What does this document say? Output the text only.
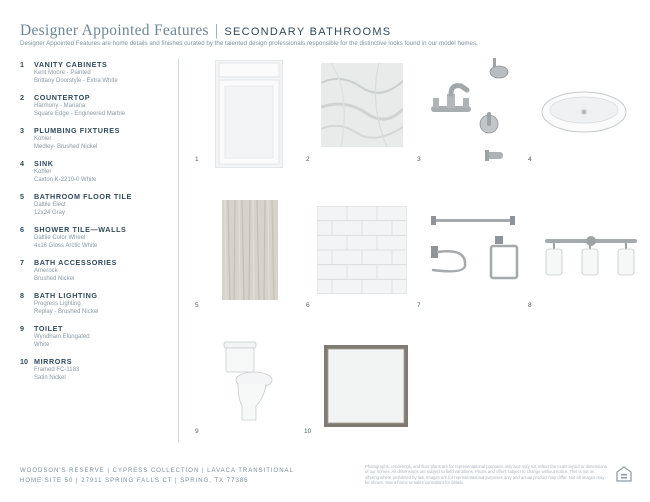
Designer Appointed Features | SECONDARY BATHROOMS
Designer Appointed Features are home details and finishes curated by the talented design professionals responsible for the distinctive looks found in our model homes.
1 VANITY CABINETS
Kent Moore - Painted
Brittany Doorstyle - Extra White
2 COUNTERTOP
Harmony - Mariana
Square Edge - Engineered Marble
3 PLUMBING FIXTURES
Kohler
Medley- Brushed Nickel
4 SINK
Kohler
Caxton K-2210-0 White
5 BATHROOM FLOOR TILE
Daltile Elect
12x24 Gray
6 SHOWER TILE—WALLS
Daltile Color Wheel
4x16 Gloss Arctic White
7 BATH ACCESSORIES
Amerock
Brushed Nickel
8 BATH LIGHTING
Progress Lighting
Replay - Brushed Nickel
9 TOILET
Wyndham Elongated
White
10 MIRRORS
Framed FC-1183
Satin Nickel
1	2	3	4
5	6	7	8
9	10
WOODSON'S RESERVE | CYPRESS COLLECTION | LAVACA TRANSITIONAL
HOME SITE 50 | 27911 SPRING FALLS CT | SPRING, TX 77386
Photographs, renderings, and floor plans are for representational purposes only and may not reflect the exact layout or dimensions of our homes. All dimensions are subject to field variations. Prices and offers subject to change without notice. This is not an offering where prohibited by law. Images are for representational purposes only and actual product may differ. Not all images may be shown. See a home or sales consultant for details.
